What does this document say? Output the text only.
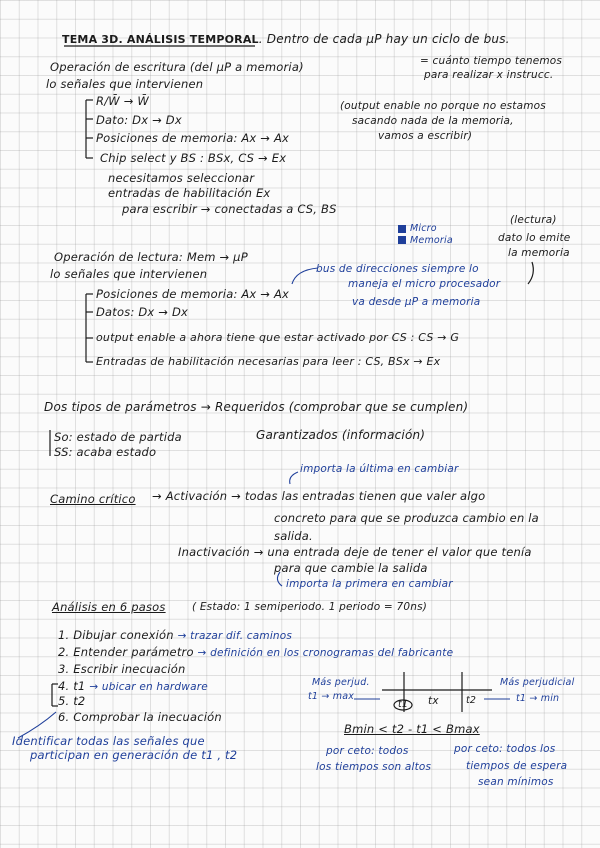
TEMA 3D. ANÁLISIS TEMPORAL. Dentro de cada µP hay un ciclo de bus.
= cuánto tiempo tenemos
para realizar x instrucc.
Operación de escritura (del µP a memoria)
lo señales que intervienen
R/W̄ → W̄
Dato: Dx → Dx
Posiciones de memoria: Ax → Ax
Chip select y BS : BSx, CS → Ex
necesitamos seleccionar
entradas de habilitación Ex
para escribir → conectadas a CS, BS
(output enable no porque no estamos
sacando nada de la memoria,
vamos a escribir)
Micro
Memoria
(lectura)
dato lo emite
la memoria
Operación de lectura: Mem → µP
lo señales que intervienen	bus de direcciones siempre lo
maneja el micro procesador
va desde µP a memoria
Posiciones de memoria: Ax → Ax
Datos: Dx → Dx
output enable a ahora tiene que estar activado por CS : CS → G
Entradas de habilitación necesarias para leer : CS, BSx → Ex
Dos tipos de parámetros → Requeridos (comprobar que se cumplen)
So: estado de partida
SS: acaba estado
Garantizados (información)
importa la última en cambiar
Camino crítico → Activación → todas las entradas tienen que valer algo
concreto para que se produzca cambio en la
salida.
Inactivación → una entrada deje de tener el valor que tenía
para que cambie la salida
importa la primera en cambiar
Análisis en 6 pasos	( Estado: 1 semiperiodo. 1 periodo = 70ns)
1. Dibujar conexión → trazar dif. caminos
2. Entender parámetro → definición en los cronogramas del fabricante
3. Escribir inecuación
4. t1 → ubicar en hardware
5. t2
6. Comprobar la inecuación
Identificar todas las señales que
participan en generación de t1 , t2
Más perjud.
t1 → max
Más perjudicial
t1 → min
tx
t1	t2
Bmin < t2 - t1 < Bmax
por ceto: todos
los tiempos son altos
por ceto: todos los
tiempos de espera
sean mínimos
